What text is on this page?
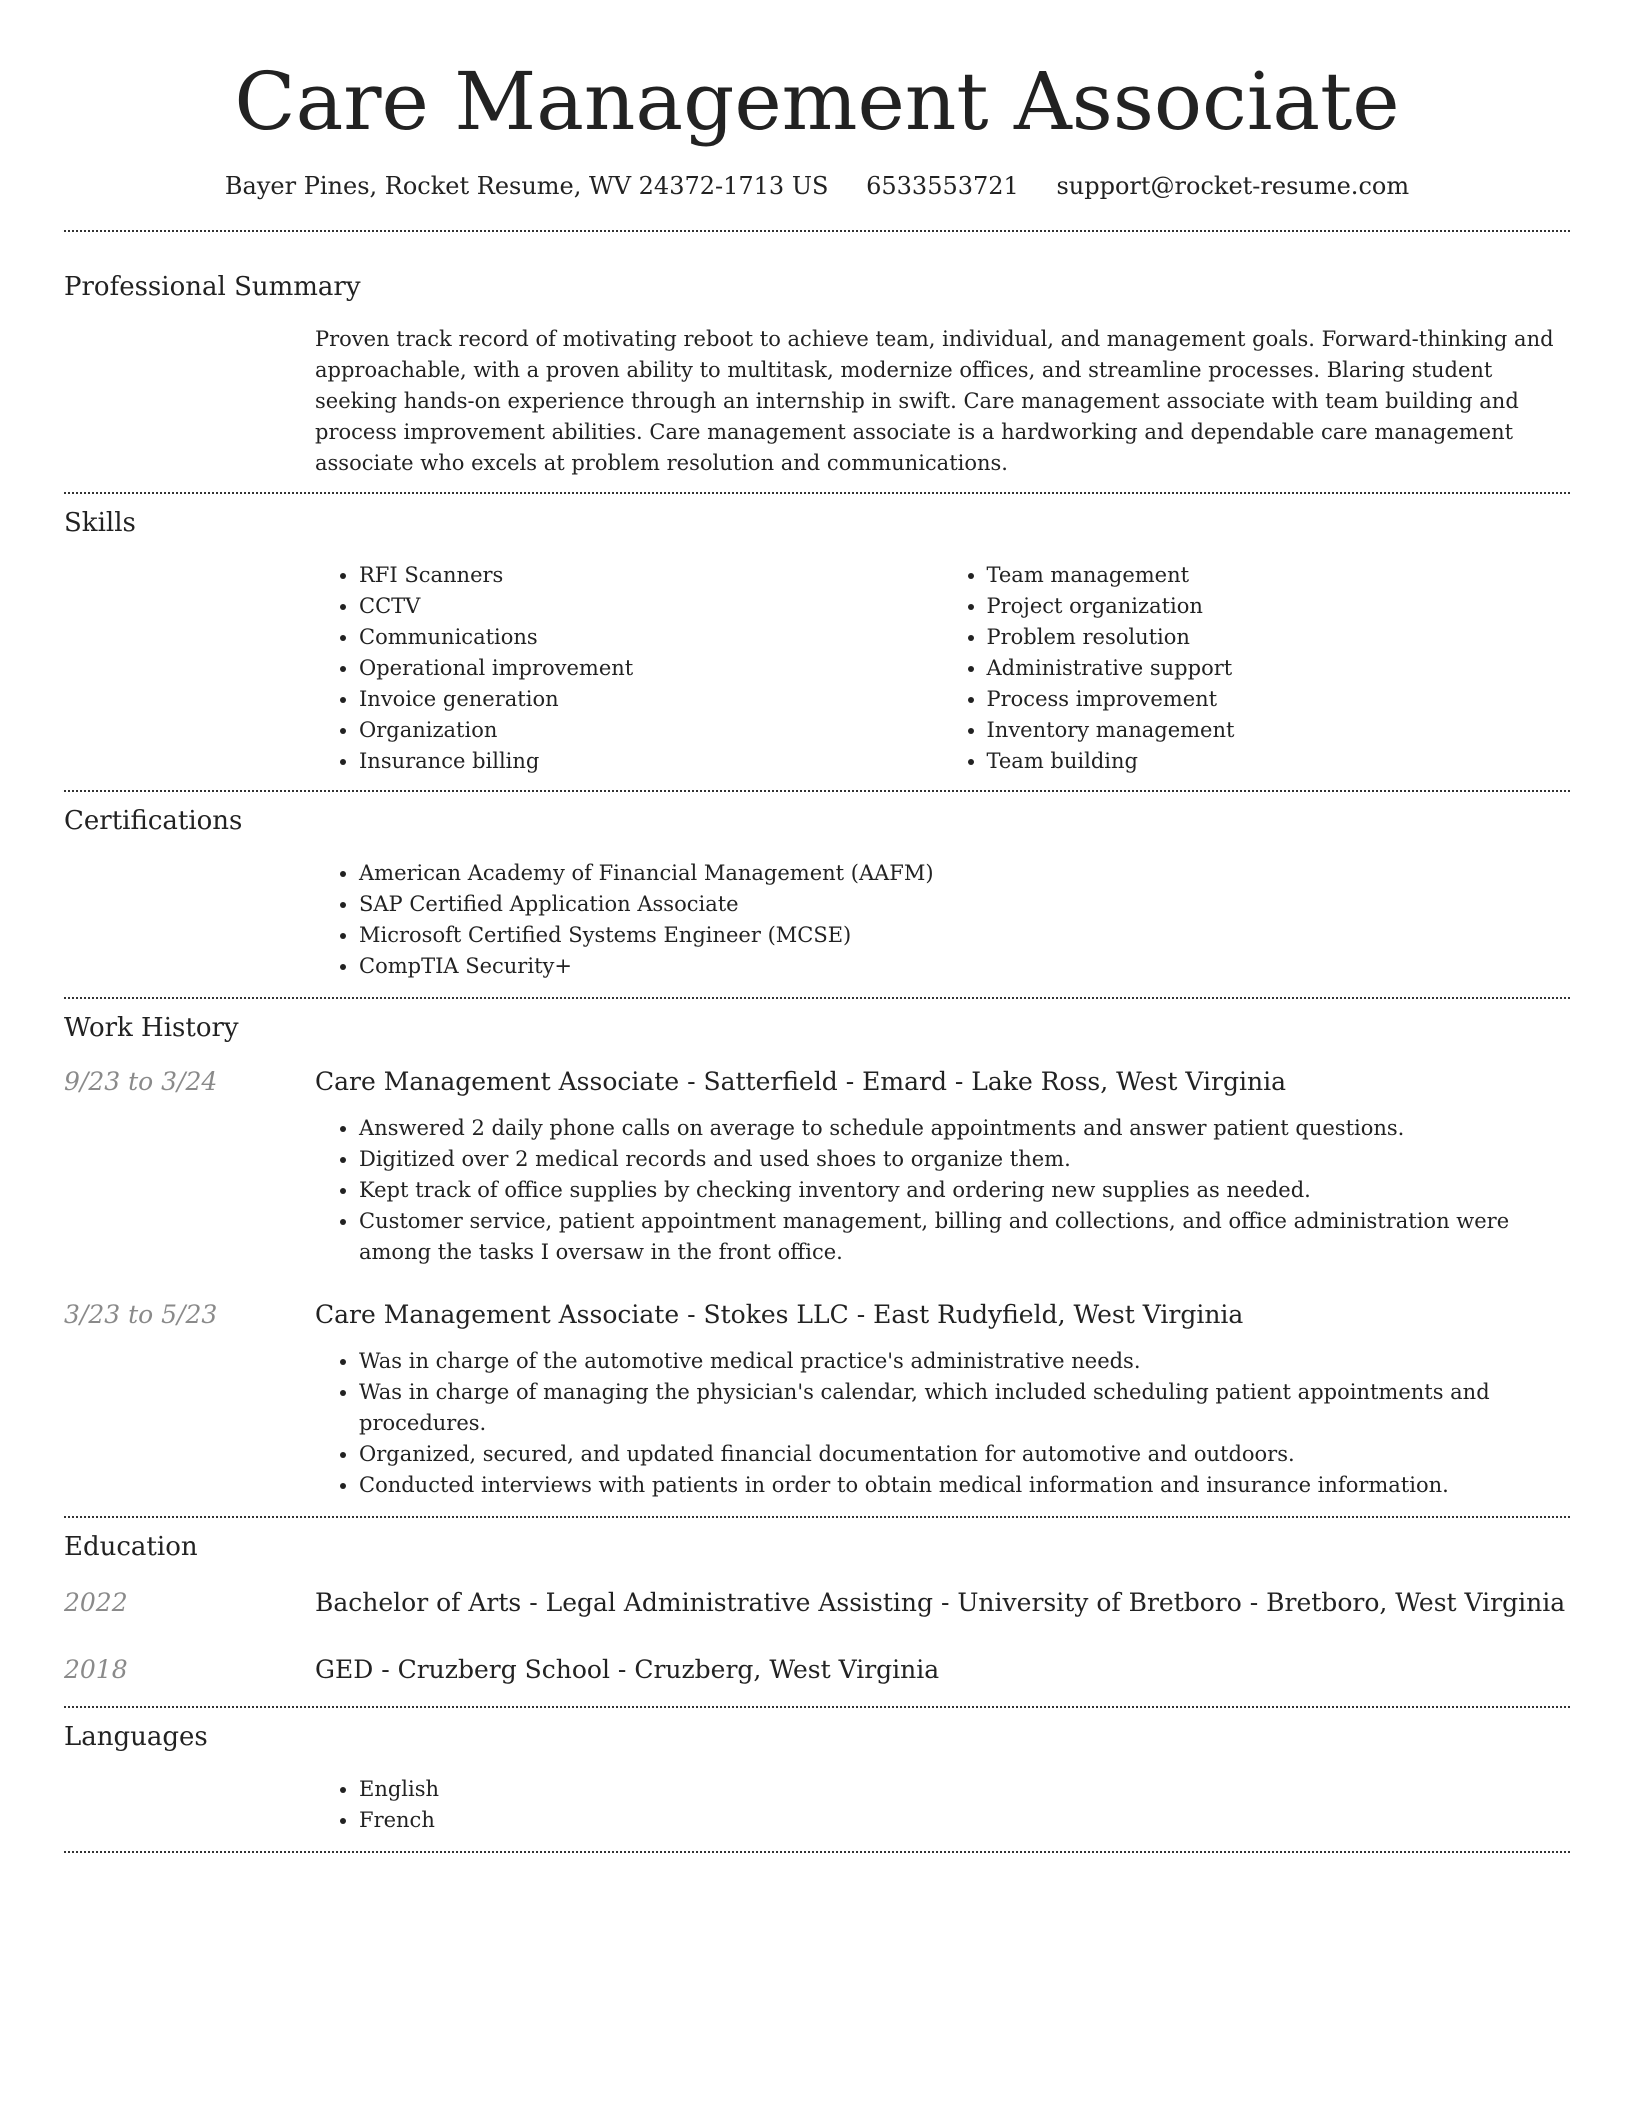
Care Management Associate
Bayer Pines, Rocket Resume, WV 24372-1713 US 6533553721 support@rocket-resume.com
Professional Summary

Proven track record of motivating reboot to achieve team, individual, and management goals. Forward-thinking and approachable, with a proven ability to multitask, modernize offices, and streamline processes. Blaring student seeking hands-on experience through an internship in swift. Care management associate with team building and process improvement abilities. Care management associate is a hardworking and dependable care management associate who excels at problem resolution and communications.

Skills
• RFI Scanners
• CCTV
• Communications
• Operational improvement
• Invoice generation
• Organization
• Insurance billing
• Team management
• Project organization
• Problem resolution
• Administrative support
• Process improvement
• Inventory management
• Team building
Certifications
• American Academy of Financial Management (AAFM)
• SAP Certified Application Associate
• Microsoft Certified Systems Engineer (MCSE)
• CompTIA Security+
Work History
9/23 to 3/24	Care Management Associate - Satterfield - Emard - Lake Ross, West Virginia
• Answered 2 daily phone calls on average to schedule appointments and answer patient questions.
• Digitized over 2 medical records and used shoes to organize them.
• Kept track of office supplies by checking inventory and ordering new supplies as needed.
• Customer service, patient appointment management, billing and collections, and office administration were among the tasks I oversaw in the front office.
3/23 to 5/23	Care Management Associate - Stokes LLC - East Rudyfield, West Virginia
• Was in charge of the automotive medical practice's administrative needs.
• Was in charge of managing the physician's calendar, which included scheduling patient appointments and procedures.
• Organized, secured, and updated financial documentation for automotive and outdoors.
• Conducted interviews with patients in order to obtain medical information and insurance information.
Education
2022	Bachelor of Arts - Legal Administrative Assisting - University of Bretboro - Bretboro, West Virginia
2018	GED - Cruzberg School - Cruzberg, West Virginia
Languages
• English
• French
